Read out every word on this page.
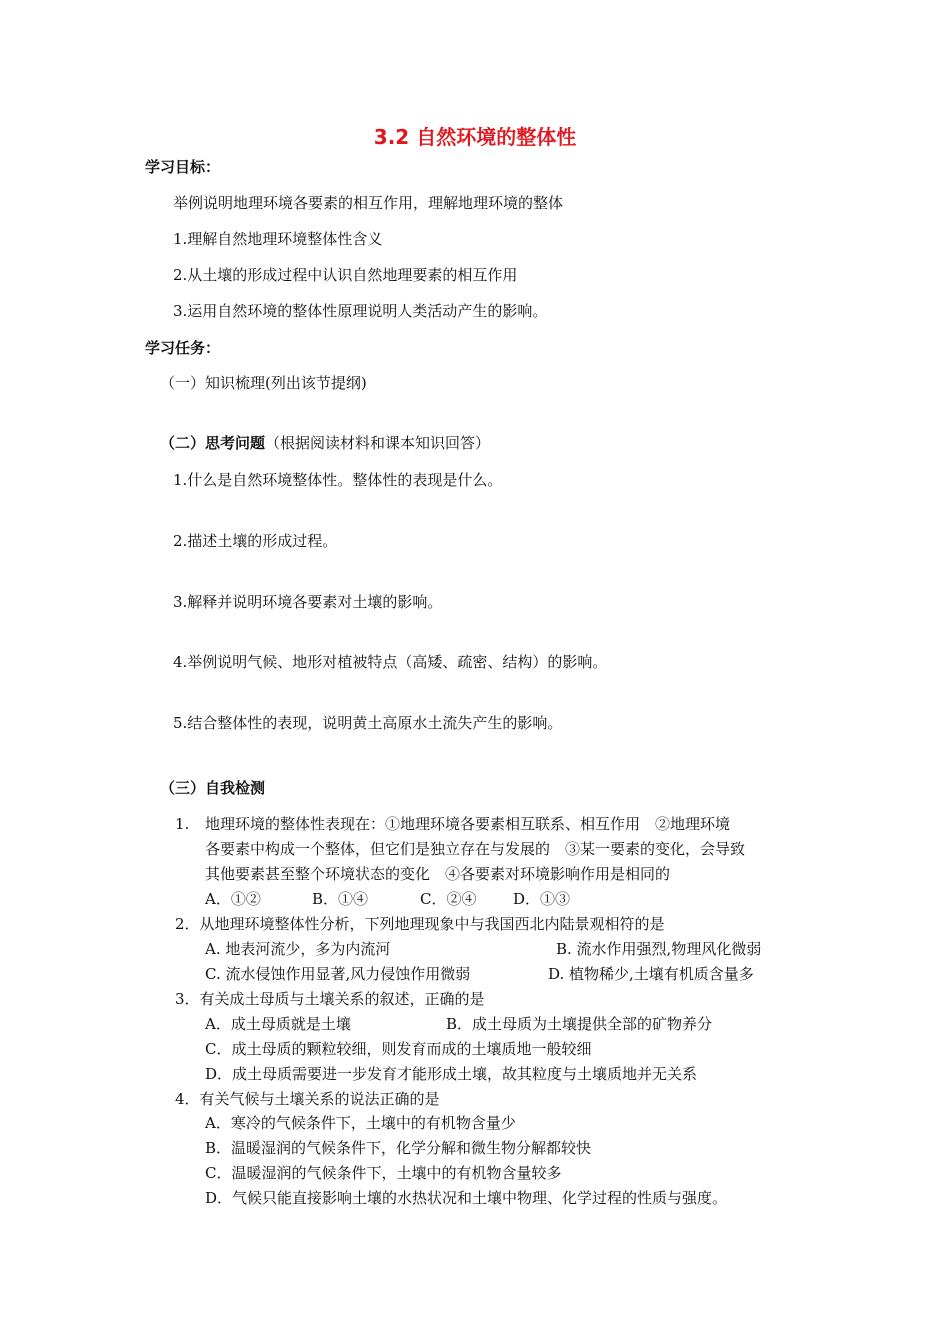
3.2 自然环境的整体性
学习目标：
举例说明地理环境各要素的相互作用，理解地理环境的整体
1.理解自然地理环境整体性含义
2.从土壤的形成过程中认识自然地理要素的相互作用
3.运用自然环境的整体性原理说明人类活动产生的影响。
学习任务：
（一）知识梳理(列出该节提纲)
（二）思考问题（根据阅读材料和课本知识回答）
1.什么是自然环境整体性。整体性的表现是什么。
2.描述土壤的形成过程。
3.解释并说明环境各要素对土壤的影响。
4.举例说明气候、地形对植被特点（高矮、疏密、结构）的影响。
5.结合整体性的表现，说明黄土高原水土流失产生的影响。
（三）自我检测
1. 地理环境的整体性表现在：①地理环境各要素相互联系、相互作用　②地理环境
各要素中构成一个整体，但它们是独立存在与发展的　③某一要素的变化，会导致
其他要素甚至整个环境状态的变化　④各要素对环境影响作用是相同的
A．①②	B．①④	C．②④ D．①③
2．从地理环境整体性分析，下列地理现象中与我国西北内陆景观相符的是
A. 地表河流少，多为内流河	B. 流水作用强烈,物理风化微弱
C. 流水侵蚀作用显著,风力侵蚀作用微弱	D. 植物稀少,土壤有机质含量多
3．有关成土母质与土壤关系的叙述，正确的是
A．成土母质就是土壤	B．成土母质为土壤提供全部的矿物养分
C．成土母质的颗粒较细，则发育而成的土壤质地一般较细
D．成土母质需要进一步发育才能形成土壤，故其粒度与土壤质地并无关系
4．有关气候与土壤关系的说法正确的是
A．寒冷的气候条件下，土壤中的有机物含量少
B．温暖湿润的气候条件下，化学分解和微生物分解都较快
C．温暖湿润的气候条件下，土壤中的有机物含量较多
D．气候只能直接影响土壤的水热状况和土壤中物理、化学过程的性质与强度。
